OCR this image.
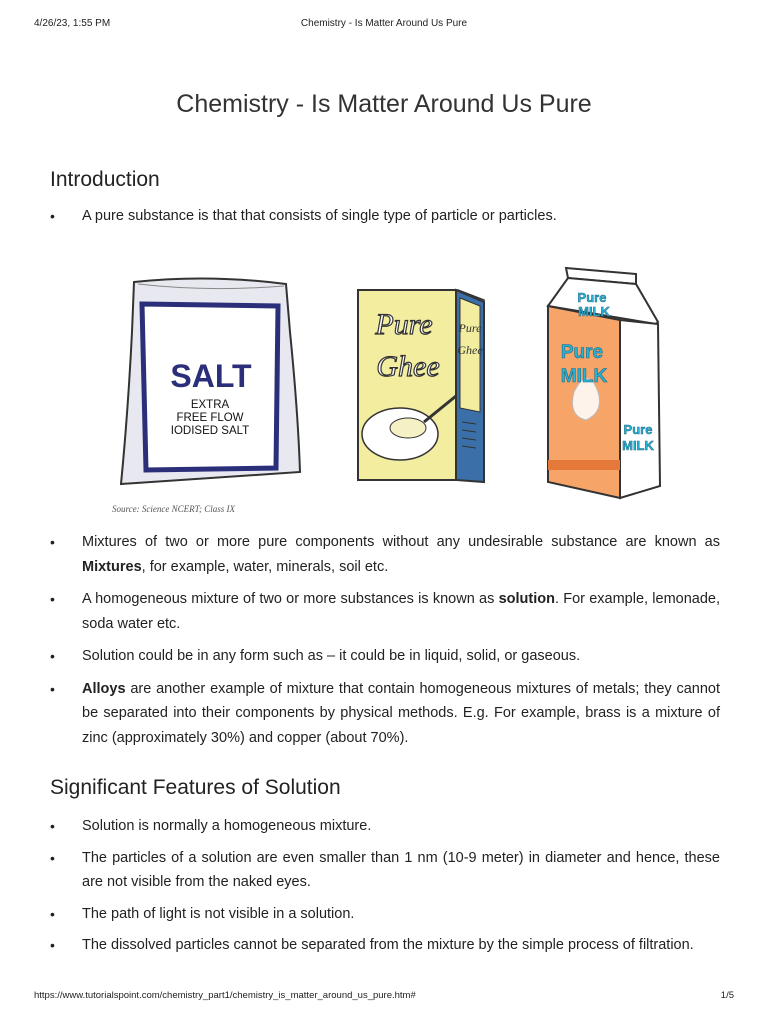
4/26/23, 1:55 PM	Chemistry - Is Matter Around Us Pure
Chemistry - Is Matter Around Us Pure
Introduction
• A pure substance is that that consists of single type of particle or particles.
SALT
EXTRA
FREE FLOW
IODISED SALT
Pure
Ghee
Pure
Ghee
Pure
MILK
Pure
MILK
Pure
MILK
Source: Science NCERT; Class IX
• Mixtures of two or more pure components without any undesirable substance are known as Mixtures, for example, water, minerals, soil etc.
• A homogeneous mixture of two or more substances is known as solution. For example, lemonade, soda water etc.
• Solution could be in any form such as – it could be in liquid, solid, or gaseous.
• Alloys are another example of mixture that contain homogeneous mixtures of metals; they cannot be separated into their components by physical methods. E.g. For example, brass is a mixture of zinc (approximately 30%) and copper (about 70%).
Significant Features of Solution
• Solution is normally a homogeneous mixture.
• The particles of a solution are even smaller than 1 nm (10-9 meter) in diameter and hence, these are not visible from the naked eyes.
• The path of light is not visible in a solution.
• The dissolved particles cannot be separated from the mixture by the simple process of filtration.
https://www.tutorialspoint.com/chemistry_part1/chemistry_is_matter_around_us_pure.htm#	1/5
